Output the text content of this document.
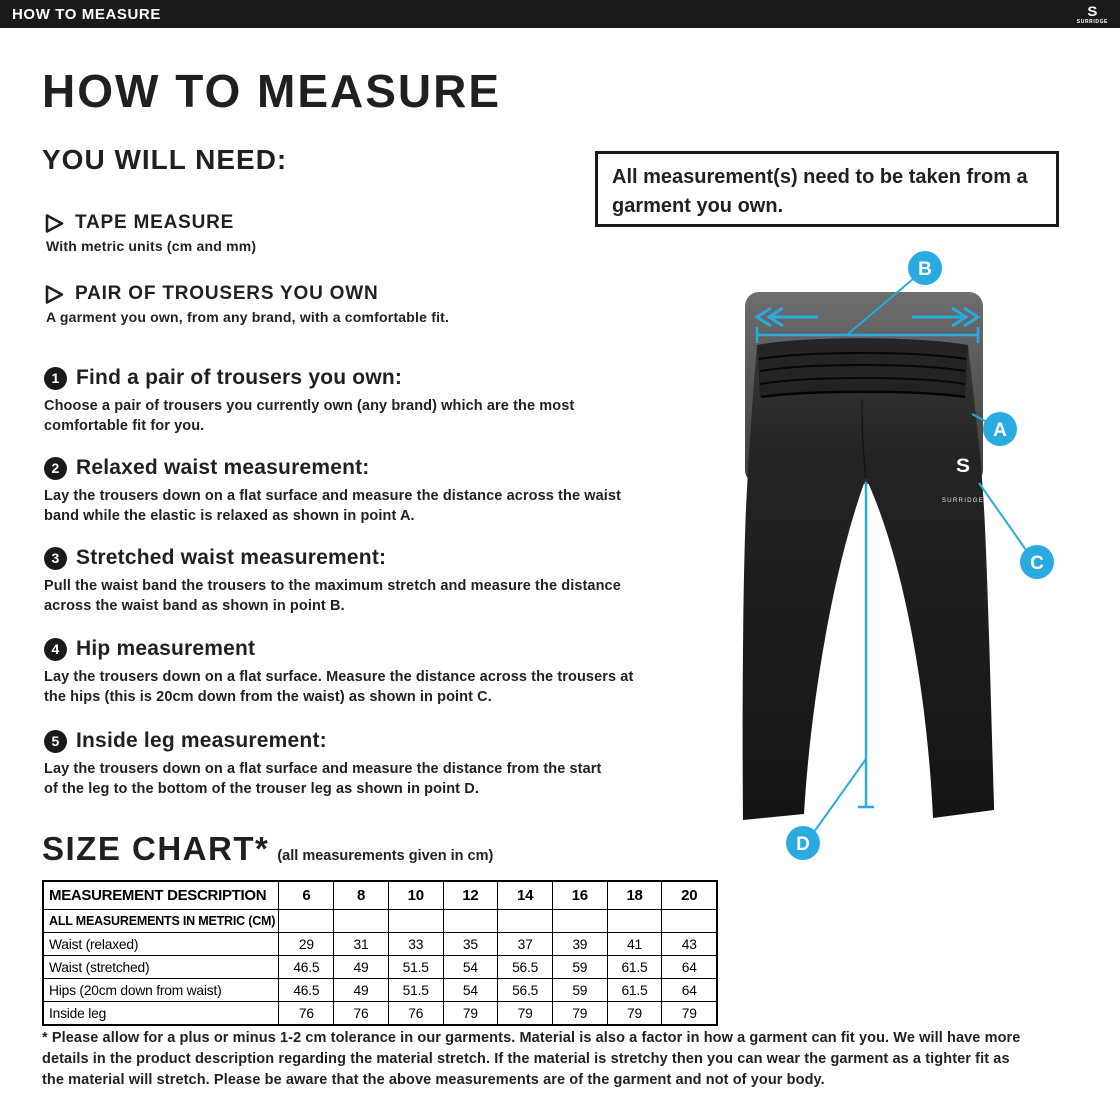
HOW TO MEASURE	S
SURRIDGE
HOW TO MEASURE
YOU WILL NEED:
TAPE MEASURE
With metric units (cm and mm)
PAIR OF TROUSERS YOU OWN
A garment you own, from any brand, with a comfortable fit.
All measurement(s) need to be taken from a garment you own.
1 Find a pair of trousers you own:
Choose a pair of trousers you currently own (any brand) which are the most comfortable fit for you.
2 Relaxed waist measurement:
Lay the trousers down on a flat surface and measure the distance across the waist band while the elastic is relaxed as shown in point A.
3 Stretched waist measurement:
Pull the waist band the trousers to the maximum stretch and measure the distance across the waist band as shown in point B.
4 Hip measurement
Lay the trousers down on a flat surface. Measure the distance across the trousers at the hips (this is 20cm down from the waist) as shown in point C.
5 Inside leg measurement:
Lay the trousers down on a flat surface and measure the distance from the start of the leg to the bottom of the trouser leg as shown in point D.
SIZE CHART* (all measurements given in cm)
MEASUREMENT DESCRIPTION	6	8	10	12	14	16	18	20
ALL MEASUREMENTS IN METRIC (CM)								
Waist (relaxed)	29	31	33	35	37	39	41	43
Waist (stretched)	46.5	49	51.5	54	56.5	59	61.5	64
Hips (20cm down from waist)	46.5	49	51.5	54	56.5	59	61.5	64
Inside leg	76	76	76	79	79	79	79	79
* Please allow for a plus or minus 1-2 cm tolerance in our garments. Material is also a factor in how a garment can fit you. We will have more details in the product description regarding the material stretch. If the material is stretchy then you can wear the garment as a tighter fit as the material will stretch. Please be aware that the above measurements are of the garment and not of your body.
S
SURRIDGE
B
A
C
D
